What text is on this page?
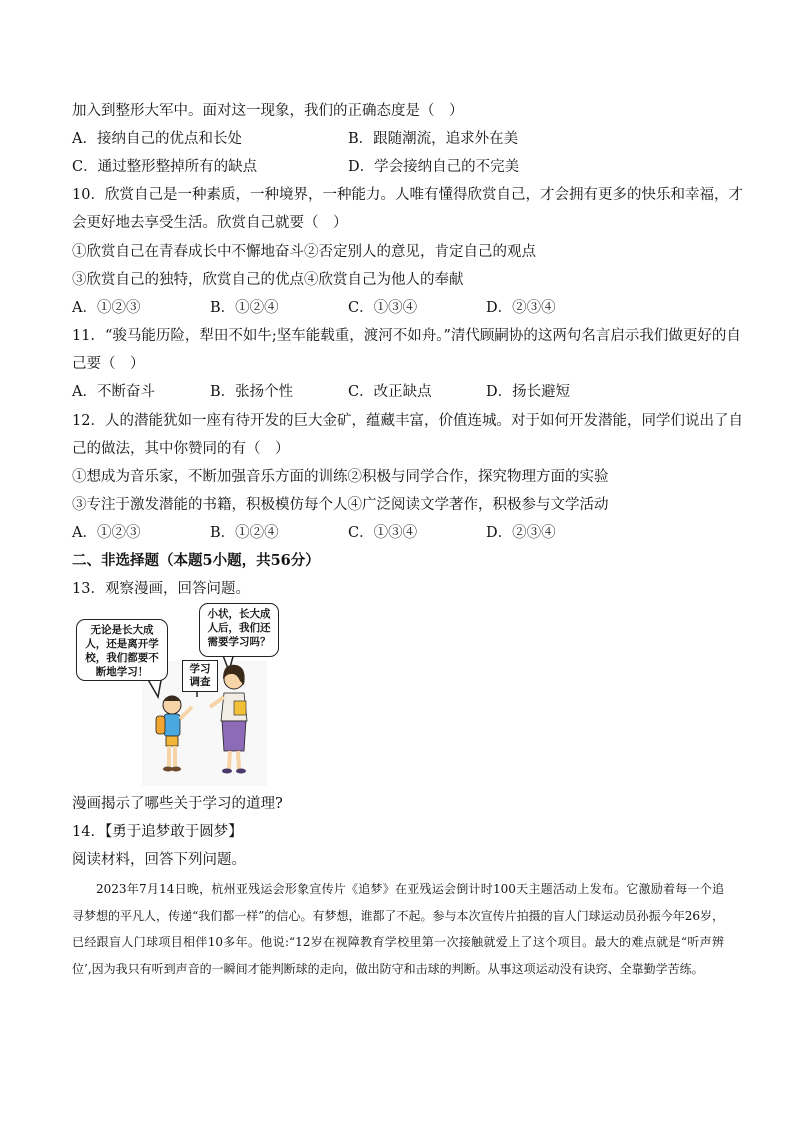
加入到整形大军中。面对这一现象，我们的正确态度是（　）
A．接纳自己的优点和长处	B．跟随潮流，追求外在美
C．通过整形整掉所有的缺点	D．学会接纳自己的不完美
10．欣赏自己是一种素质，一种境界，一种能力。人唯有懂得欣赏自己，才会拥有更多的快乐和幸福，才
会更好地去享受生活。欣赏自己就要（　）
①欣赏自己在青春成长中不懈地奋斗②否定别人的意见，肯定自己的观点
③欣赏自己的独特，欣赏自己的优点④欣赏自己为他人的奉献
A．①②③	B．①②④	C．①③④	D．②③④
11．“骏马能历险，犁田不如牛;坚车能载重，渡河不如舟。”清代顾嗣协的这两句名言启示我们做更好的自
己要（　）
A．不断奋斗	B．张扬个性	C．改正缺点	D．扬长避短
12．人的潜能犹如一座有待开发的巨大金矿，蕴藏丰富，价值连城。对于如何开发潜能，同学们说出了自
己的做法，其中你赞同的有（　）
①想成为音乐家，不断加强音乐方面的训练②积极与同学合作，探究物理方面的实验
③专注于激发潜能的书籍，积极模仿每个人④广泛阅读文学著作，积极参与文学活动
A．①②③	B．①②④	C．①③④	D．②③④
二、非选择题（本题5小题，共56分）
13．观察漫画，回答问题。
无论是长大成人，还是离开学校，我们都要不断地学习！
小状，长大成人后，我们还需要学习吗？
学习调查
漫画揭示了哪些关于学习的道理?
14．【勇于追梦敢于圆梦】
阅读材料，回答下列问题。
2023年7月14日晚，杭州亚残运会形象宣传片《追梦》在亚残运会倒计时100天主题活动上发布。它激励着每一个追寻梦想的平凡人，传递“我们都一样”的信心。有梦想，谁都了不起。参与本次宣传片拍摄的盲人门球运动员孙振今年26岁，已经跟盲人门球项目相伴10多年。他说:“12岁在视障教育学校里第一次接触就爱上了这个项目。最大的难点就是“听声辨位’,因为我只有听到声音的一瞬间才能判断球的走向，做出防守和击球的判断。从事这项运动没有诀窍、全靠勤学苦练。
